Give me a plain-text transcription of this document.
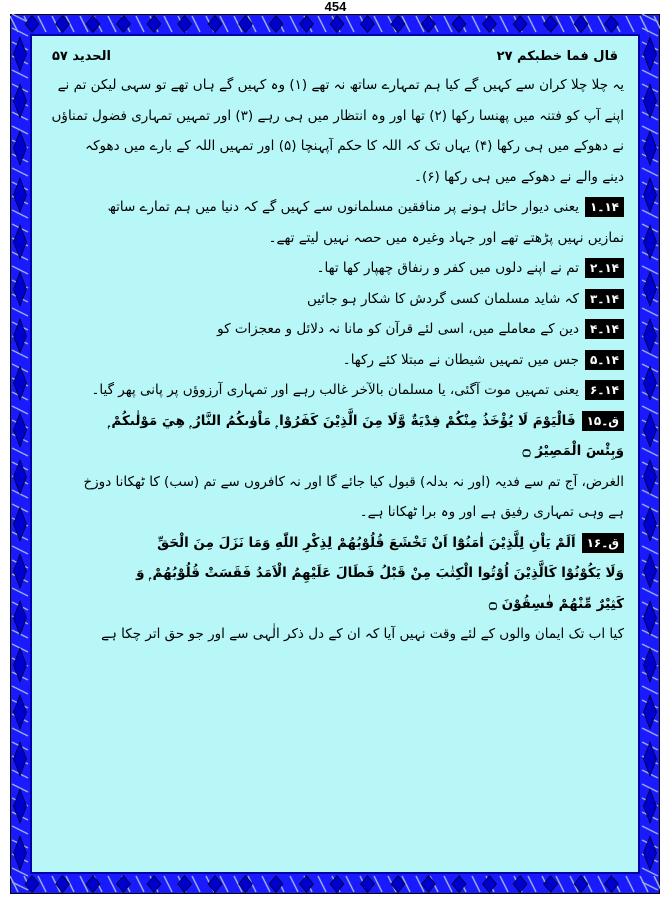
454
قال فما خطبکم ۲۷
الحدید ۵۷
یہ چلا چلا کران سے کہیں گے کیا ہم تمہارے ساتھ نہ تھے (۱) وہ کہیں گے ہاں تھے تو سہی لیکن تم نے
اپنے آپ کو فتنہ میں پھنسا رکھا (۲) تھا اور وہ انتظار میں ہی رہے (۳) اور تمہیں تمہاری فضول تمناؤں
نے دھوکے میں ہی رکھا (۴) یہاں تک کہ اللہ کا حکم آپہنچا (۵) اور تمہیں اللہ کے بارے میں دھوکہ
دینے والے نے دھوکے میں ہی رکھا (۶)۔
۱۴۔۱یعنی دیوار حائل ہونے پر منافقین مسلمانوں سے کہیں گے کہ دنیا میں ہم تمارے ساتھ
نمازیں نہیں پڑھتے تھے اور جہاد وغیرہ میں حصہ نہیں لیتے تھے۔
۱۴۔۲تم نے اپنے دلوں میں کفر و رنفاق چھپار کھا تھا۔
۱۴۔۳کہ شاید مسلمان کسی گردش کا شکار ہو جائیں
۱۴۔۴دین کے معاملے میں، اسی لئے قرآن کو مانا نہ دلائل و معجزات کو
۱۴۔۵جس میں تمہیں شیطان نے مبتلا کئے رکھا۔
۱۴۔۶یعنی تمہیں موت آگئی، یا مسلمان بالآخر غالب رہے اور تمہاری آرزوؤں پر پانی پھر گیا۔
ق۔۱۵فَالْيَوْمَ لَا يُؤْخَذُ مِنْكُمْ فِدْيَةٌ وَّلَا مِنَ الَّذِيْنَ كَفَرُوْا ۭ مَاْوٰىكُمُ النَّارُ ۭ هِيَ مَوْلٰىكُمْ ۭ
وَبِئْسَ الْمَصِيْرُ ۝
الغرض، آج تم سے فدیہ (اور نہ بدلہ) قبول کیا جائے گا اور نہ کافروں سے تم (سب) کا ٹھکانا دوزخ
ہے وہی تمہاری رفیق ہے اور وہ برا ٹھکانا ہے۔
ق۔۱۶اَلَمْ يَاْنِ لِلَّذِيْنَ اٰمَنُوْٓا اَنْ تَخْشَعَ قُلُوْبُهُمْ لِذِكْرِ اللّٰهِ وَمَا نَزَلَ مِنَ الْحَقِّ
وَلَا يَكُوْنُوْا كَالَّذِيْنَ اُوْتُوا الْكِتٰبَ مِنْ قَبْلُ فَطَالَ عَلَيْهِمُ الْاَمَدُ فَقَسَتْ قُلُوْبُهُمْ ۭ وَ
كَثِيْرٌ مِّنْهُمْ فٰسِقُوْنَ ۝
کیا اب تک ایمان والوں کے لئے وقت نہیں آیا کہ ان کے دل ذکر الٰہی سے اور جو حق اتر چکا ہے
